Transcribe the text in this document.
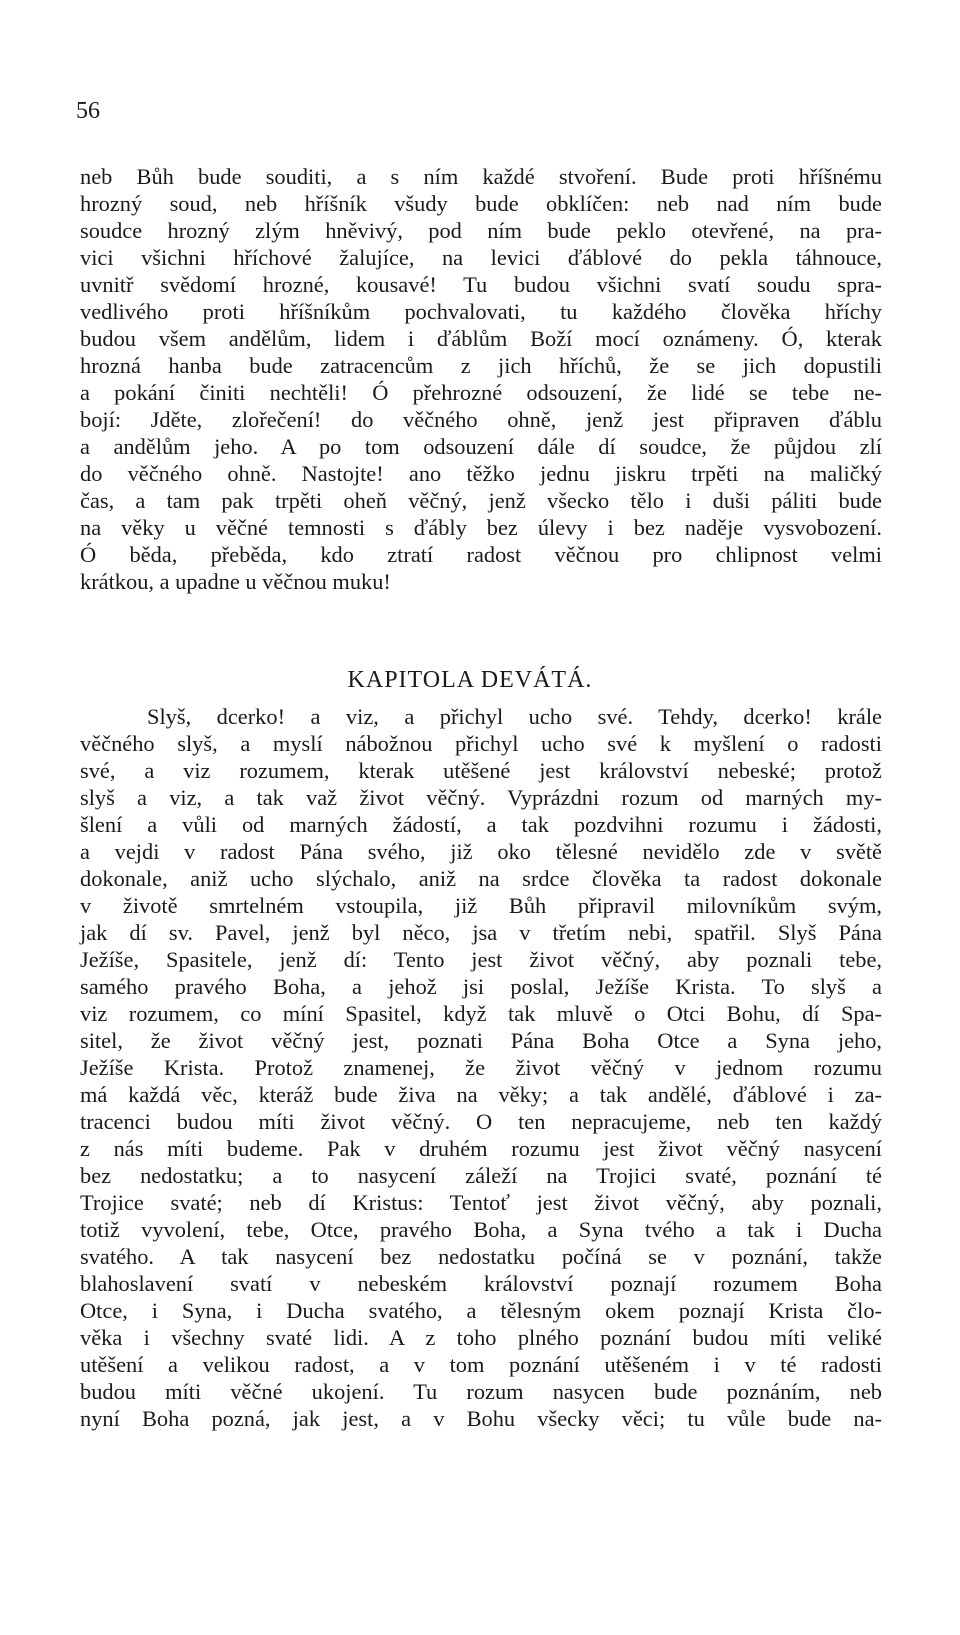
56
neb Bůh bude souditi, a s ním každé stvoření. Bude proti hříšnému
hrozný soud, neb hříšník všudy bude obklíčen: neb nad ním bude
soudce hrozný zlým hněvivý, pod ním bude peklo otevřené, na pra-
vici všichni hříchové žalujíce, na levici ďáblové do pekla táhnouce,
uvnitř svědomí hrozné, kousavé! Tu budou všichni svatí soudu spra-
vedlivého proti hříšníkům pochvalovati, tu každého člověka hříchy
budou všem andělům, lidem i ďáblům Boží mocí oznámeny. Ó, kterak
hrozná hanba bude zatracencům z jich hříchů, že se jich dopustili
a pokání činiti nechtěli! Ó přehrozné odsouzení, že lidé se tebe ne-
bojí: Jděte, zlořečení! do věčného ohně, jenž jest připraven ďáblu
a andělům jeho. A po tom odsouzení dále dí soudce, že půjdou zlí
do věčného ohně. Nastojte! ano těžko jednu jiskru trpěti na maličký
čas, a tam pak trpěti oheň věčný, jenž všecko tělo i duši páliti bude
na věky u věčné temnosti s ďábly bez úlevy i bez naděje vysvobození.
Ó běda, přeběda, kdo ztratí radost věčnou pro chlipnost velmi
krátkou, a upadne u věčnou muku!
KAPITOLA DEVÁTÁ.
Slyš, dcerko! a viz, a přichyl ucho své. Tehdy, dcerko! krále
věčného slyš, a myslí nábožnou přichyl ucho své k myšlení o radosti
své, a viz rozumem, kterak utěšené jest království nebeské; protož
slyš a viz, a tak važ život věčný. Vyprázdni rozum od marných my-
šlení a vůli od marných žádostí, a tak pozdvihni rozumu i žádosti,
a vejdi v radost Pána svého, již oko tělesné nevidělo zde v světě
dokonale, aniž ucho slýchalo, aniž na srdce člověka ta radost dokonale
v životě smrtelném vstoupila, již Bůh připravil milovníkům svým,
jak dí sv. Pavel, jenž byl něco, jsa v třetím nebi, spatřil. Slyš Pána
Ježíše, Spasitele, jenž dí: Tento jest život věčný, aby poznali tebe,
samého pravého Boha, a jehož jsi poslal, Ježíše Krista. To slyš a
viz rozumem, co míní Spasitel, když tak mluvě o Otci Bohu, dí Spa-
sitel, že život věčný jest, poznati Pána Boha Otce a Syna jeho,
Ježíše Krista. Protož znamenej, že život věčný v jednom rozumu
má každá věc, kteráž bude živa na věky; a tak andělé, ďáblové i za-
tracenci budou míti život věčný. O ten nepracujeme, neb ten každý
z nás míti budeme. Pak v druhém rozumu jest život věčný nasycení
bez nedostatku; a to nasycení záleží na Trojici svaté, poznání té
Trojice svaté; neb dí Kristus: Tentoť jest život věčný, aby poznali,
totiž vyvolení, tebe, Otce, pravého Boha, a Syna tvého a tak i Ducha
svatého. A tak nasycení bez nedostatku počíná se v poznání, takže
blahoslavení svatí v nebeském království poznají rozumem Boha
Otce, i Syna, i Ducha svatého, a tělesným okem poznají Krista člo-
věka i všechny svaté lidi. A z toho plného poznání budou míti veliké
utěšení a velikou radost, a v tom poznání utěšeném i v té radosti
budou míti věčné ukojení. Tu rozum nasycen bude poznáním, neb
nyní Boha pozná, jak jest, a v Bohu všecky věci; tu vůle bude na-
